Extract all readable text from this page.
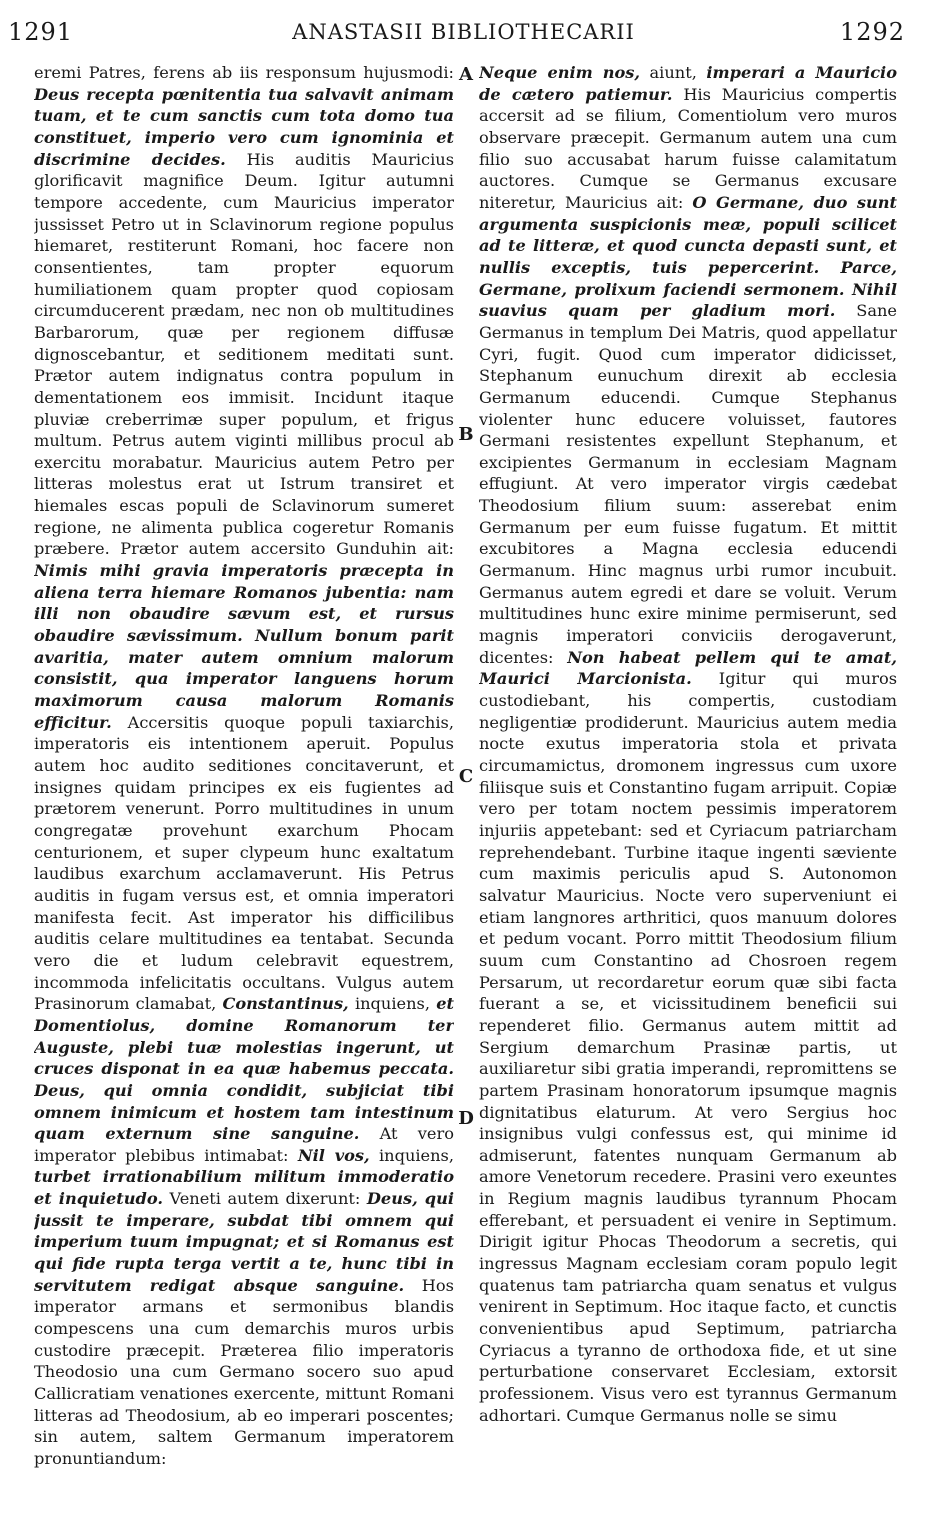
1291	ANASTASII BIBLIOTHECARII	1292

eremi Patres, ferens ab iis responsum hujusmodi: Deus recepta pœnitentia tua salvavit animam tuam, et te cum sanctis cum tota domo tua constituet, imperio vero cum ignominia et discrimine decides. His auditis Mauricius glorificavit magnifice Deum. Igitur autumni tempore accedente, cum Mauricius imperator jussisset Petro ut in Sclavinorum regione populus hiemaret, restiterunt Romani, hoc facere non consentientes, tam propter equorum humiliationem quam propter quod copiosam circumducerent prædam, nec non ob multitudines Barbarorum, quæ per regionem diffusæ dignoscebantur, et seditionem meditati sunt. Prætor autem indignatus contra populum in dementationem eos immisit. Incidunt itaque pluviæ creberrimæ super populum, et frigus multum. Petrus autem viginti millibus procul ab exercitu morabatur. Mauricius autem Petro per litteras molestus erat ut Istrum transiret et hiemales escas populi de Sclavinorum sumeret regione, ne alimenta publica cogeretur Romanis præbere. Prætor autem accersito Gunduhin ait: Nimis mihi gravia imperatoris præcepta in aliena terra hiemare Romanos jubentia: nam illi non obaudire sævum est, et rursus obaudire sævissimum. Nullum bonum parit avaritia, mater autem omnium malorum consistit, qua imperator languens horum maximorum causa malorum Romanis efficitur. Accersitis quoque populi taxiarchis, imperatoris eis intentionem aperuit. Populus autem hoc audito seditiones concitaverunt, et insignes quidam principes ex eis fugientes ad prætorem venerunt. Porro multitudines in unum congregatæ provehunt exarchum Phocam centurionem, et super clypeum hunc exaltatum laudibus exarchum acclamaverunt. His Petrus auditis in fugam versus est, et omnia imperatori manifesta fecit. Ast imperator his difficilibus auditis celare multitudines ea tentabat. Secunda vero die et ludum celebravit equestrem, incommoda infelicitatis occultans. Vulgus autem Prasinorum clamabat, Constantinus, inquiens, et Domentiolus, domine Romanorum ter Auguste, plebi tuæ molestias ingerunt, ut cruces disponat in ea quæ habemus peccata. Deus, qui omnia condidit, subjiciat tibi omnem inimicum et hostem tam intestinum quam externum sine sanguine. At vero imperator plebibus intimabat: Nil vos, inquiens, turbet irrationabilium militum immoderatio et inquietudo. Veneti autem dixerunt: Deus, qui jussit te imperare, subdat tibi omnem qui imperium tuum impugnat; et si Romanus est qui fide rupta terga vertit a te, hunc tibi in servitutem redigat absque sanguine. Hos imperator armans et sermonibus blandis compescens una cum demarchis muros urbis custodire præcepit. Præterea filio imperatoris Theodosio una cum Germano socero suo apud Callicratiam venationes exercente, mittunt Romani litteras ad Theodosium, ab eo imperari poscentes; sin autem, saltem Germanum imperatorem pronuntiandum:

A
B
C
D

Neque enim nos, aiunt, imperari a Mauricio de cætero patiemur. His Mauricius compertis accersit ad se filium, Comentiolum vero muros observare præcepit. Germanum autem una cum filio suo accusabat harum fuisse calamitatum auctores. Cumque se Germanus excusare niteretur, Mauricius ait: O Germane, duo sunt argumenta suspicionis meæ, populi scilicet ad te litteræ, et quod cuncta depasti sunt, et nullis exceptis, tuis pepercerint. Parce, Germane, prolixum faciendi sermonem. Nihil suavius quam per gladium mori. Sane Germanus in templum Dei Matris, quod appellatur Cyri, fugit. Quod cum imperator didicisset, Stephanum eunuchum direxit ab ecclesia Germanum educendi. Cumque Stephanus violenter hunc educere voluisset, fautores Germani resistentes expellunt Stephanum, et excipientes Germanum in ecclesiam Magnam effugiunt. At vero imperator virgis cædebat Theodosium filium suum: asserebat enim Germanum per eum fuisse fugatum. Et mittit excubitores a Magna ecclesia educendi Germanum. Hinc magnus urbi rumor incubuit. Germanus autem egredi et dare se voluit. Verum multitudines hunc exire minime permiserunt, sed magnis imperatori conviciis derogaverunt, dicentes: Non habeat pellem qui te amat, Maurici Marcionista. Igitur qui muros custodiebant, his compertis, custodiam negligentiæ prodiderunt. Mauricius autem media nocte exutus imperatoria stola et privata circumamictus, dromonem ingressus cum uxore filiisque suis et Constantino fugam arripuit. Copiæ vero per totam noctem pessimis imperatorem injuriis appetebant: sed et Cyriacum patriarcham reprehendebant. Turbine itaque ingenti sæviente cum maximis periculis apud S. Autonomon salvatur Mauricius. Nocte vero superveniunt ei etiam langnores arthritici, quos manuum dolores et pedum vocant. Porro mittit Theodosium filium suum cum Constantino ad Chosroen regem Persarum, ut recordaretur eorum quæ sibi facta fuerant a se, et vicissitudinem beneficii sui rependeret filio. Germanus autem mittit ad Sergium demarchum Prasinæ partis, ut auxiliaretur sibi gratia imperandi, repromittens se partem Prasinam honoratorum ipsumque magnis dignitatibus elaturum. At vero Sergius hoc insignibus vulgi confessus est, qui minime id admiserunt, fatentes nunquam Germanum ab amore Venetorum recedere. Prasini vero exeuntes in Regium magnis laudibus tyrannum Phocam efferebant, et persuadent ei venire in Septimum. Dirigit igitur Phocas Theodorum a secretis, qui ingressus Magnam ecclesiam coram populo legit quatenus tam patriarcha quam senatus et vulgus venirent in Septimum. Hoc itaque facto, et cunctis convenientibus apud Septimum, patriarcha Cyriacus a tyranno de orthodoxa fide, et ut sine perturbatione conservaret Ecclesiam, extorsit professionem. Visus vero est tyrannus Germanum adhortari. Cumque Germanus nolle se simu
